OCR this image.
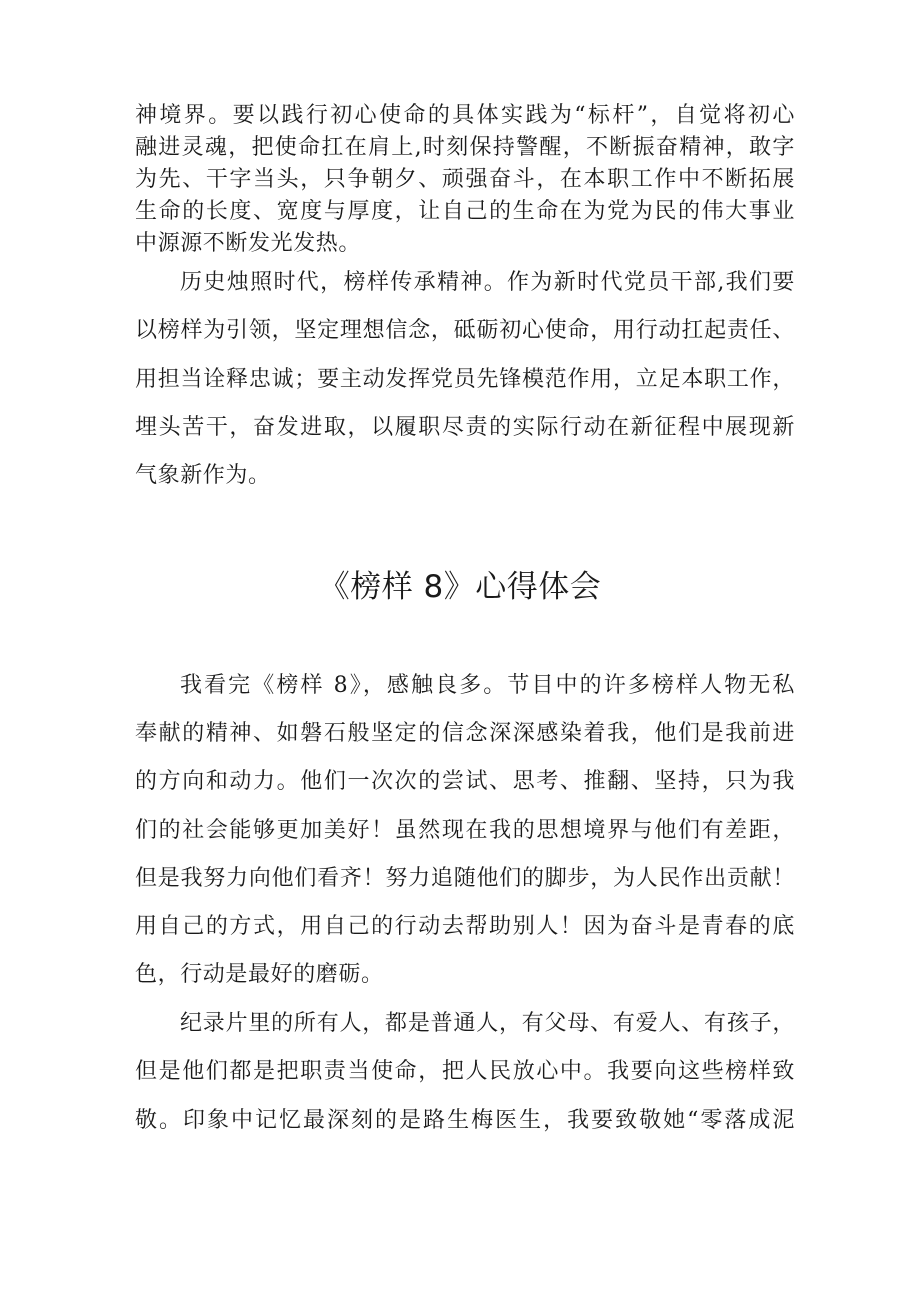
神境界。要以践行初心使命的具体实践为“标杆”，自觉将初心
融进灵魂，把使命扛在肩上,时刻保持警醒，不断振奋精神，敢字
为先、干字当头，只争朝夕、顽强奋斗，在本职工作中不断拓展
生命的长度、宽度与厚度，让自己的生命在为党为民的伟大事业
中源源不断发光发热。
历史烛照时代，榜样传承精神。作为新时代党员干部,我们要
以榜样为引领，坚定理想信念，砥砺初心使命，用行动扛起责任、
用担当诠释忠诚；要主动发挥党员先锋模范作用，立足本职工作，
埋头苦干，奋发进取，以履职尽责的实际行动在新征程中展现新
气象新作为。
《榜样 8》心得体会
我看完《榜样 8》，感触良多。节目中的许多榜样人物无私
奉献的精神、如磐石般坚定的信念深深感染着我，他们是我前进
的方向和动力。他们一次次的尝试、思考、推翻、坚持，只为我
们的社会能够更加美好！虽然现在我的思想境界与他们有差距，
但是我努力向他们看齐！努力追随他们的脚步，为人民作出贡献！
用自己的方式，用自己的行动去帮助别人！因为奋斗是青春的底
色，行动是最好的磨砺。
纪录片里的所有人，都是普通人，有父母、有爱人、有孩子，
但是他们都是把职责当使命，把人民放心中。我要向这些榜样致
敬。印象中记忆最深刻的是路生梅医生，我要致敬她“零落成泥
